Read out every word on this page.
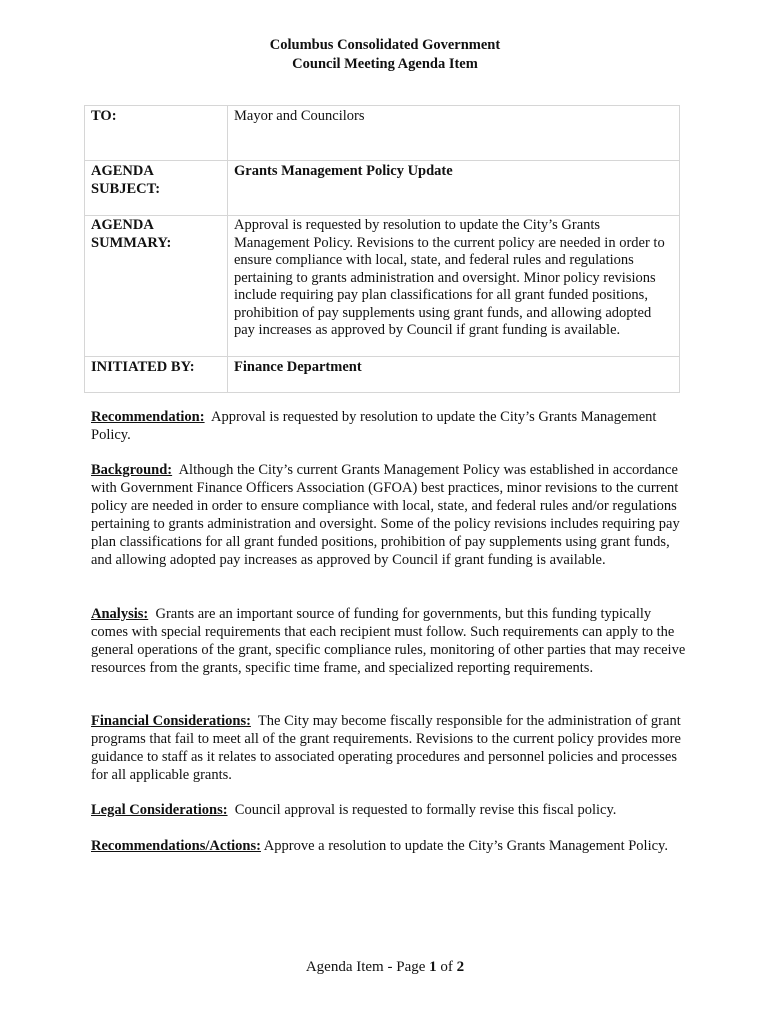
Columbus Consolidated Government
Council Meeting Agenda Item
TO:	Mayor and Councilors

AGENDA
SUBJECT:	Grants Management Policy Update

AGENDA
SUMMARY:	Approval is requested by resolution to update the City’s Grants Management Policy. Revisions to the current policy are needed in order to ensure compliance with local, state, and federal rules and regulations pertaining to grants administration and oversight. Minor policy revisions include requiring pay plan classifications for all grant funded positions, prohibition of pay supplements using grant funds, and allowing adopted pay increases as approved by Council if grant funding is available.
INITIATED BY:	Finance Department
Recommendation: Approval is requested by resolution to update the City’s Grants Management Policy.
Background: Although the City’s current Grants Management Policy was established in accordance with Government Finance Officers Association (GFOA) best practices, minor revisions to the current policy are needed in order to ensure compliance with local, state, and federal rules and/or regulations pertaining to grants administration and oversight. Some of the policy revisions includes requiring pay plan classifications for all grant funded positions, prohibition of pay supplements using grant funds, and allowing adopted pay increases as approved by Council if grant funding is available.
Analysis: Grants are an important source of funding for governments, but this funding typically comes with special requirements that each recipient must follow. Such requirements can apply to the general operations of the grant, specific compliance rules, monitoring of other parties that may receive resources from the grants, specific time frame, and specialized reporting requirements.
Financial Considerations: The City may become fiscally responsible for the administration of grant programs that fail to meet all of the grant requirements. Revisions to the current policy provides more guidance to staff as it relates to associated operating procedures and personnel policies and processes for all applicable grants.
Legal Considerations: Council approval is requested to formally revise this fiscal policy.
Recommendations/Actions: Approve a resolution to update the City’s Grants Management Policy.
Agenda Item - Page 1 of 2
